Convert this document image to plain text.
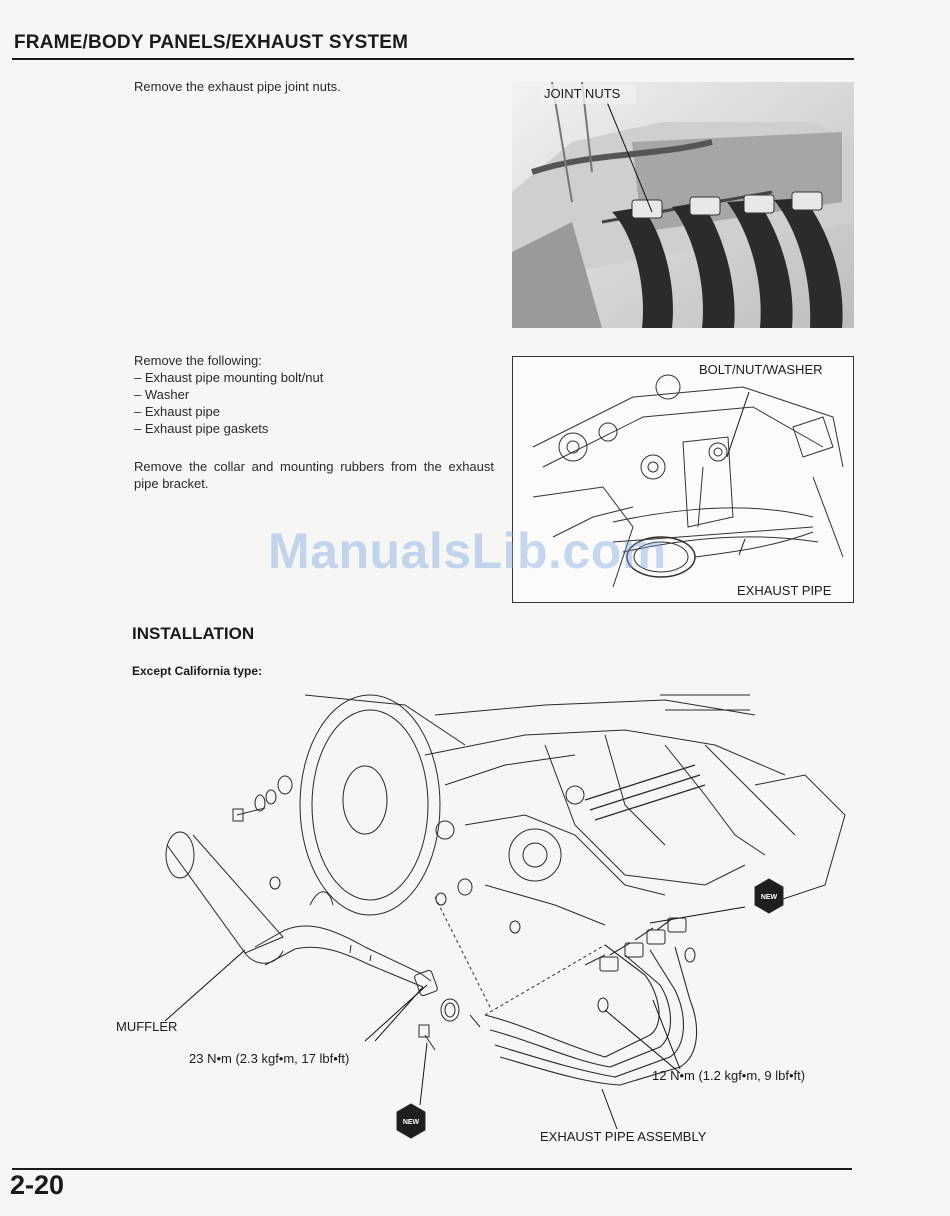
FRAME/BODY PANELS/EXHAUST SYSTEM
Remove the exhaust pipe joint nuts.	JOINT NUTS
Remove the following:
– Exhaust pipe mounting bolt/nut
– Washer
– Exhaust pipe
– Exhaust pipe gaskets
Remove the collar and mounting rubbers from the exhaust pipe bracket.
BOLT/NUT/WASHER
EXHAUST PIPE
ManualsLib.com
INSTALLATION
Except California type:
NEW
NEW
MUFFLER
23 N•m (2.3 kgf•m, 17 lbf•ft)
12 N•m (1.2 kgf•m, 9 lbf•ft)
EXHAUST PIPE ASSEMBLY
2-20
